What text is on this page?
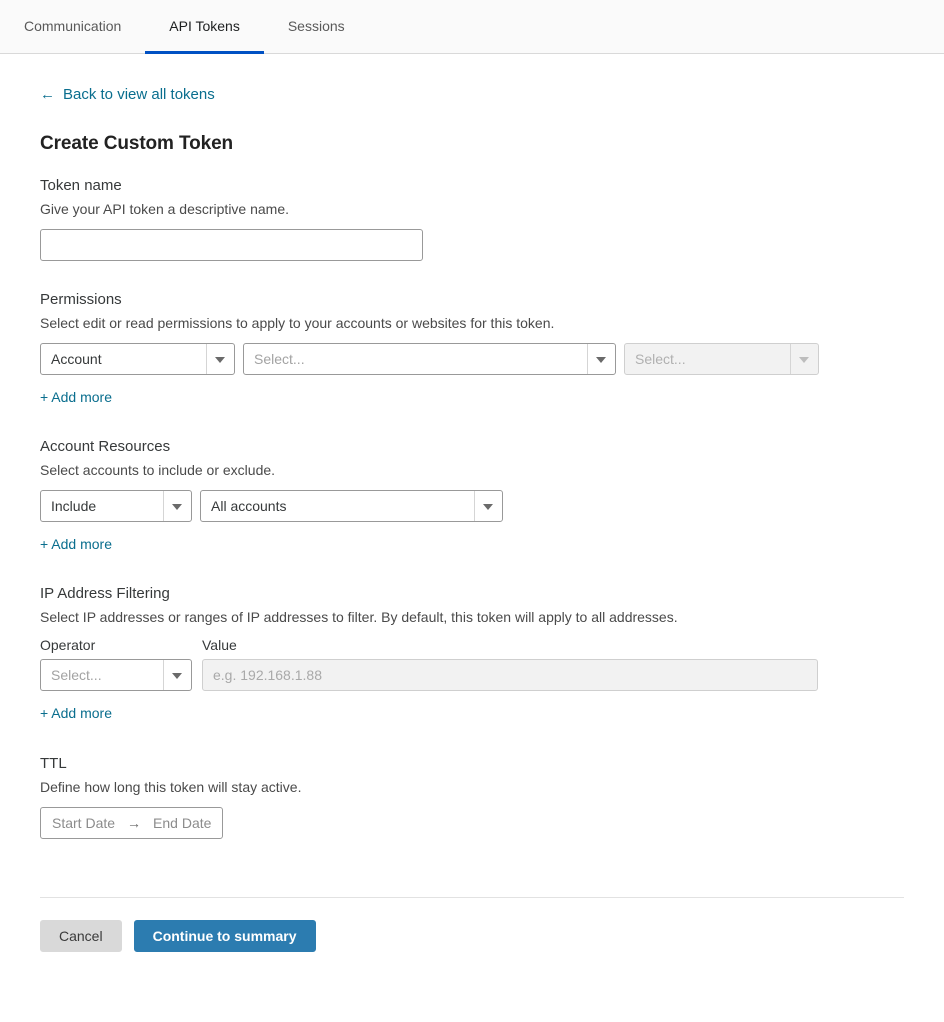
Communication	API Tokens	Sessions
← Back to view all tokens
Create Custom Token
Token name
Give your API token a descriptive name.
Permissions
Select edit or read permissions to apply to your accounts or websites for this token.
Account	Select...	Select...
+ Add more
Account Resources
Select accounts to include or exclude.
Include	All accounts
+ Add more
IP Address Filtering
Select IP addresses or ranges of IP addresses to filter. By default, this token will apply to all addresses.
Operator
Select...
Value
e.g. 192.168.1.88
+ Add more
TTL
Define how long this token will stay active.
Start Date → End Date
Cancel	Continue to summary
